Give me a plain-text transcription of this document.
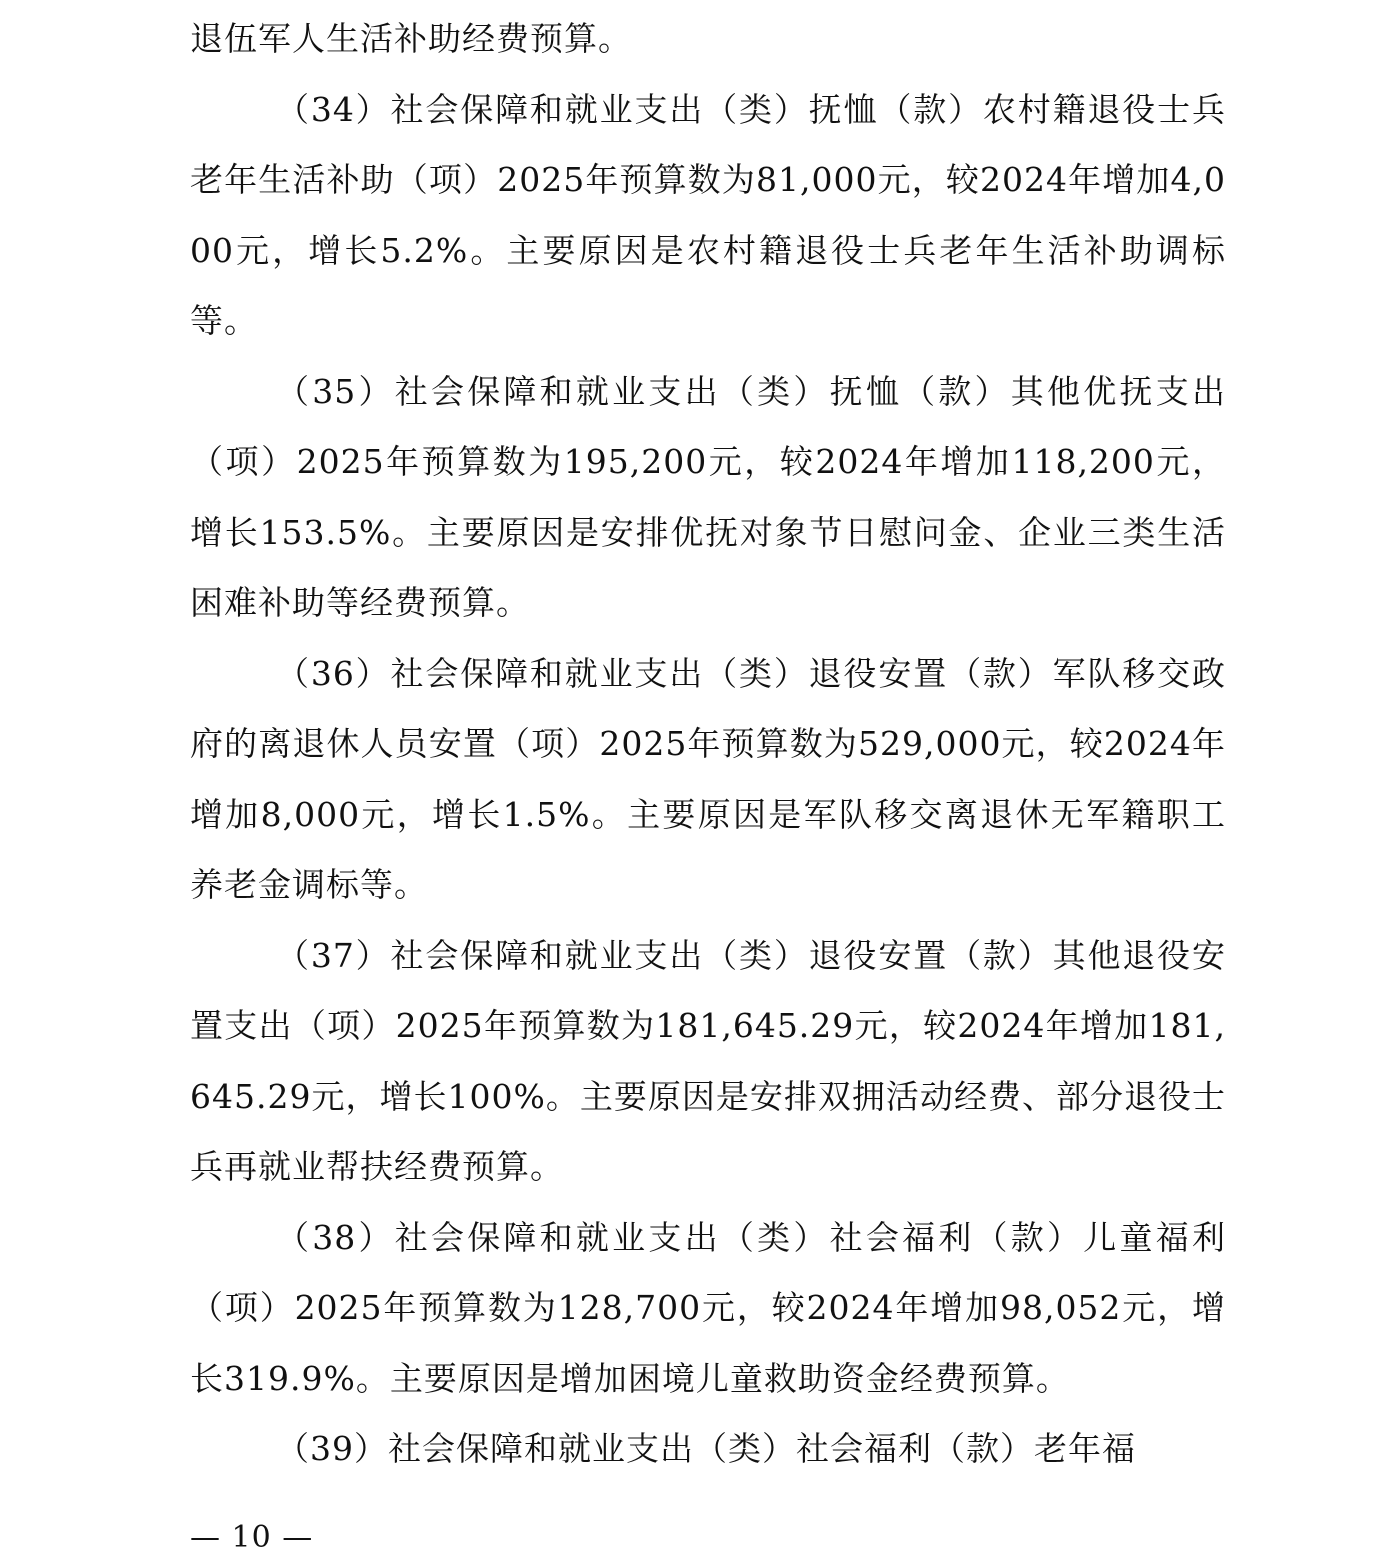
退伍军人生活补助经费预算。

（34）社会保障和就业支出（类）抚恤（款）农村籍退役士兵老年生活补助（项）2025年预算数为81,000元，较2024年增加4,000元，增长5.2%。主要原因是农村籍退役士兵老年生活补助调标等。

（35）社会保障和就业支出（类）抚恤（款）其他优抚支出（项）2025年预算数为195,200元，较2024年增加118,200元，增长153.5%。主要原因是安排优抚对象节日慰问金、企业三类生活困难补助等经费预算。

（36）社会保障和就业支出（类）退役安置（款）军队移交政府的离退休人员安置（项）2025年预算数为529,000元，较2024年增加8,000元，增长1.5%。主要原因是军队移交离退休无军籍职工养老金调标等。

（37）社会保障和就业支出（类）退役安置（款）其他退役安置支出（项）2025年预算数为181,645.29元，较2024年增加181,645.29元，增长100%。主要原因是安排双拥活动经费、部分退役士兵再就业帮扶经费预算。

（38）社会保障和就业支出（类）社会福利（款）儿童福利（项）2025年预算数为128,700元，较2024年增加98,052元，增长319.9%。主要原因是增加困境儿童救助资金经费预算。

（39）社会保障和就业支出（类）社会福利（款）老年福

— 10 —
